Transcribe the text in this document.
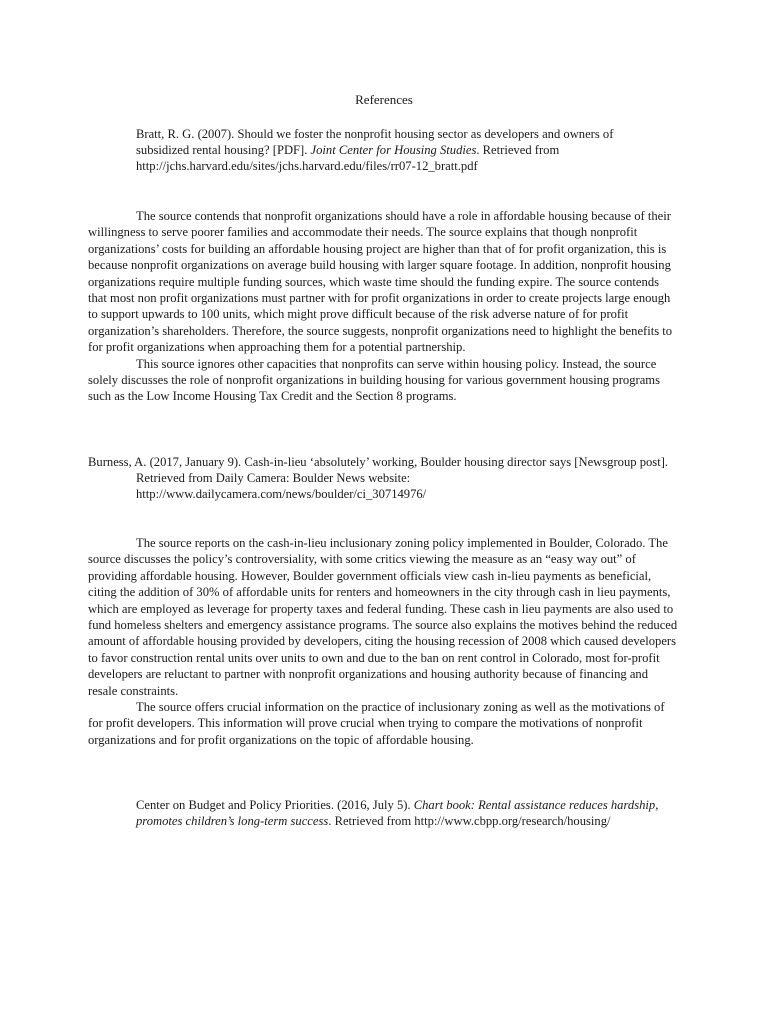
References

Bratt, R. G. (2007). Should we foster the nonprofit housing sector as developers and owners of subsidized rental housing? [PDF]. Joint Center for Housing Studies. Retrieved from http://jchs.harvard.edu/sites/jchs.harvard.edu/files/rr07-12_bratt.pdf

The source contends that nonprofit organizations should have a role in affordable housing because of their willingness to serve poorer families and accommodate their needs. The source explains that though nonprofit organizations’ costs for building an affordable housing project are higher than that of for profit organization, this is because nonprofit organizations on average build housing with larger square footage. In addition, nonprofit housing organizations require multiple funding sources, which waste time should the funding expire. The source contends that most non profit organizations must partner with for profit organizations in order to create projects large enough to support upwards to 100 units, which might prove difficult because of the risk adverse nature of for profit organization’s shareholders. Therefore, the source suggests, nonprofit organizations need to highlight the benefits to for profit organizations when approaching them for a potential partnership.

This source ignores other capacities that nonprofits can serve within housing policy. Instead, the source solely discusses the role of nonprofit organizations in building housing for various government housing programs such as the Low Income Housing Tax Credit and the Section 8 programs.

Burness, A. (2017, January 9). Cash-in-lieu ‘absolutely’ working, Boulder housing director says [Newsgroup post]. Retrieved from Daily Camera: Boulder News website: http://www.dailycamera.com/news/boulder/ci_30714976/

The source reports on the cash-in-lieu inclusionary zoning policy implemented in Boulder, Colorado. The source discusses the policy’s controversiality, with some critics viewing the measure as an “easy way out” of providing affordable housing. However, Boulder government officials view cash in-lieu payments as beneficial, citing the addition of 30% of affordable units for renters and homeowners in the city through cash in lieu payments, which are employed as leverage for property taxes and federal funding. These cash in lieu payments are also used to fund homeless shelters and emergency assistance programs. The source also explains the motives behind the reduced amount of affordable housing provided by developers, citing the housing recession of 2008 which caused developers to favor construction rental units over units to own and due to the ban on rent control in Colorado, most for-profit developers are reluctant to partner with nonprofit organizations and housing authority because of financing and resale constraints.

The source offers crucial information on the practice of inclusionary zoning as well as the motivations of for profit developers. This information will prove crucial when trying to compare the motivations of nonprofit organizations and for profit organizations on the topic of affordable housing.

Center on Budget and Policy Priorities. (2016, July 5). Chart book: Rental assistance reduces hardship, promotes children’s long-term success. Retrieved from http://www.cbpp.org/research/housing/
